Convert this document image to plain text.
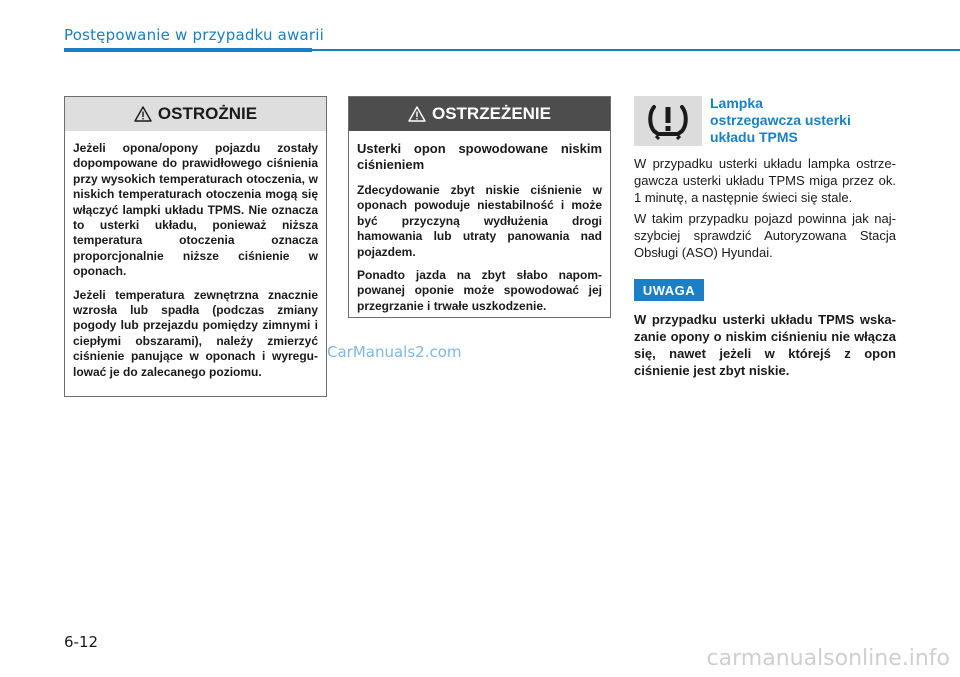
Postępowanie w przypadku awarii
OSTROŻNIE

Jeżeli opona/opony pojazdu zostały dopompowane do prawidłowego ciśnienia przy wysokich temperaturach otoczenia, w niskich temperaturach otoczenia mogą się włączyć lampki układu TPMS. Nie oznacza to usterki układu, ponieważ niższa temperatura otoczenia oznacza proporcjonalnie niższe ciśnienie w oponach.

Jeżeli temperatura zewnętrzna znacznie wzrosła lub spadła (podczas zmiany pogody lub przejazdu pomiędzy zimnymi i ciepłymi obszarami), należy zmierzyć ciśnienie panujące w oponach i wyregulować je do zalecanego poziomu.

OSTRZEŻENIE

Usterki opon spowodowane niskim ciśnieniem

Zdecydowanie zbyt niskie ciśnienie w oponach powoduje niestabilność i może być przyczyną wydłużenia drogi hamowania lub utraty panowania nad pojazdem.

Ponadto jazda na zbyt słabo napompowanej oponie może spowodować jej przegrzanie i trwałe uszkodzenie.

CarManuals2.com
Lampka
ostrzegawcza usterki
układu TPMS
W przypadku usterki układu lampka ostrzegawcza usterki układu TPMS miga przez ok. 1 minutę, a następnie świeci się stale.
W takim przypadku pojazd powinna jak najszybciej sprawdzić Autoryzowana Stacja Obsługi (ASO) Hyundai.
UWAGA
W przypadku usterki układu TPMS wskazanie opony o niskim ciśnieniu nie włącza się, nawet jeżeli w którejś z opon ciśnienie jest zbyt niskie.
6-12
carmanualsonline.info
